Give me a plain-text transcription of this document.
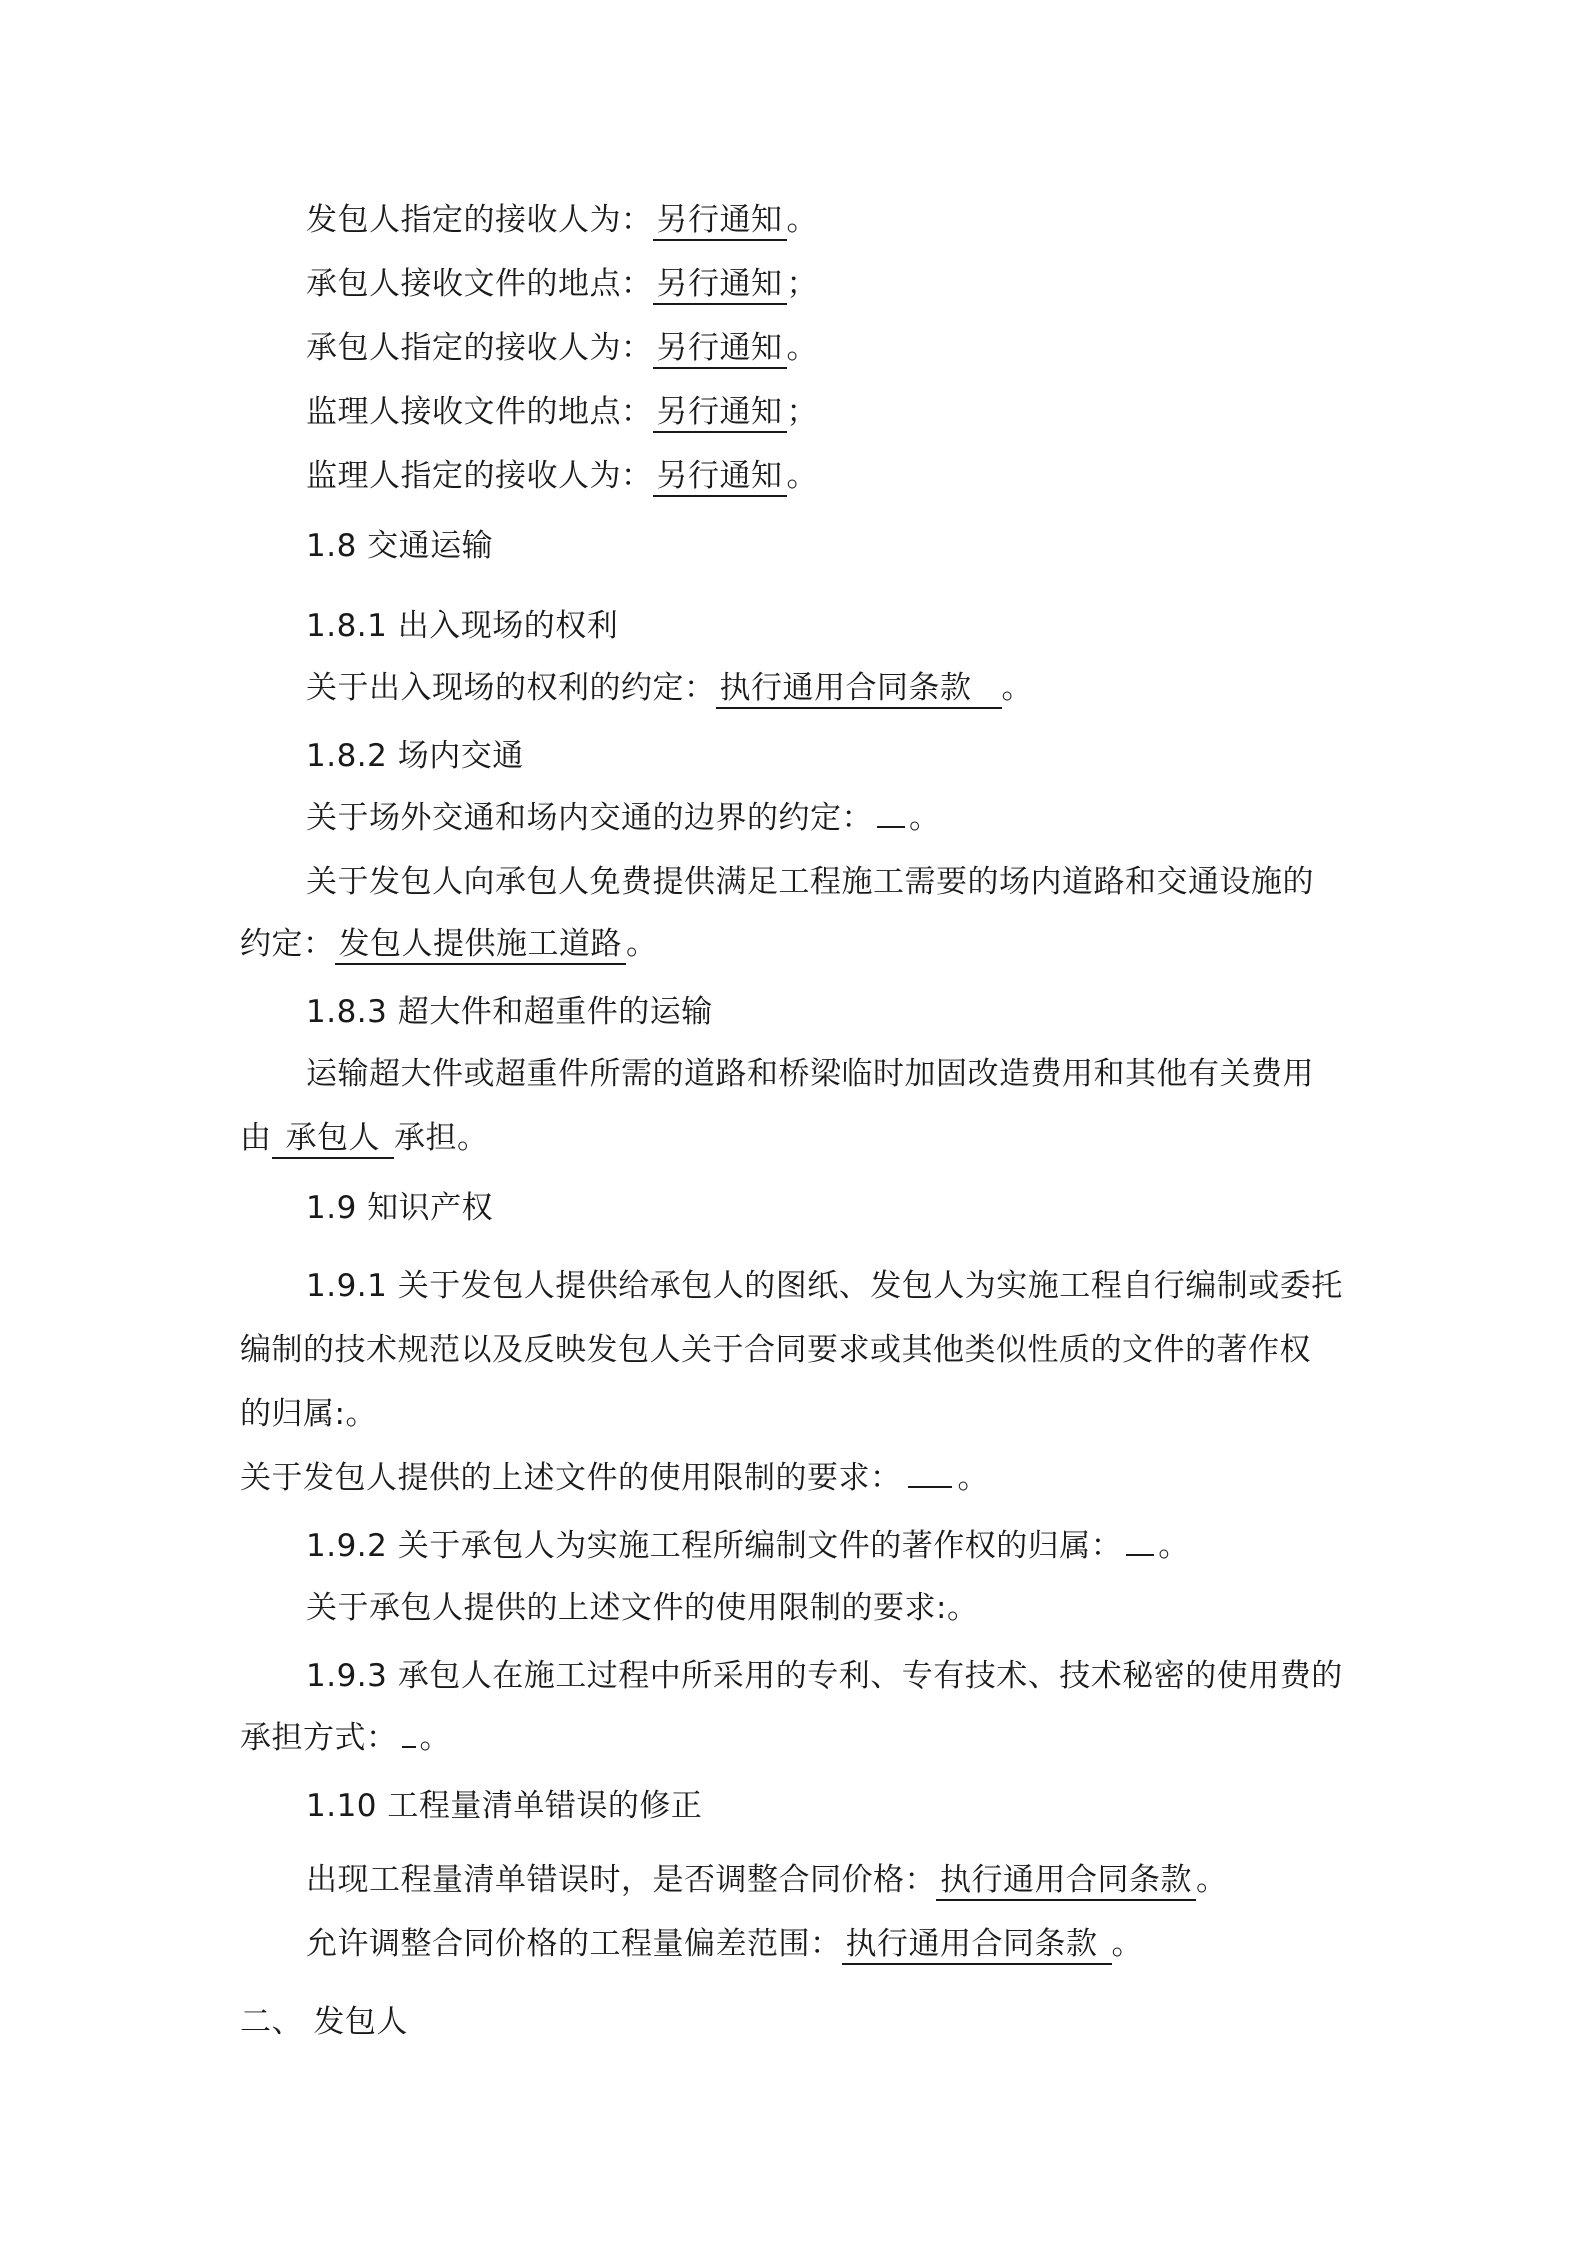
发包人指定的接收人为： 另行通知 。
承包人接收文件的地点： 另行通知 ；
承包人指定的接收人为： 另行通知 。
监理人接收文件的地点： 另行通知 ；
监理人指定的接收人为： 另行通知 。
1.8 交通运输
1.8.1 出入现场的权利
关于出入现场的权利的约定： 执行通用合同条款 。
1.8.2 场内交通
关于场外交通和场内交通的边界的约定： 。
关于发包人向承包人免费提供满足工程施工需要的场内道路和交通设施的
约定： 发包人提供施工道路 。
1.8.3 超大件和超重件的运输
运输超大件或超重件所需的道路和桥梁临时加固改造费用和其他有关费用
由 承包人 承担。
1.9 知识产权
1.9.1 关于发包人提供给承包人的图纸、发包人为实施工程自行编制或委托
编制的技术规范以及反映发包人关于合同要求或其他类似性质的文件的著作权
的归属:。
关于发包人提供的上述文件的使用限制的要求： 。
1.9.2 关于承包人为实施工程所编制文件的著作权的归属： 。
关于承包人提供的上述文件的使用限制的要求:。
1.9.3 承包人在施工过程中所采用的专利、专有技术、技术秘密的使用费的
承担方式： 。
1.10 工程量清单错误的修正
出现工程量清单错误时，是否调整合同价格： 执行通用合同条款 。
允许调整合同价格的工程量偏差范围： 执行通用合同条款 。
二、 发包人
